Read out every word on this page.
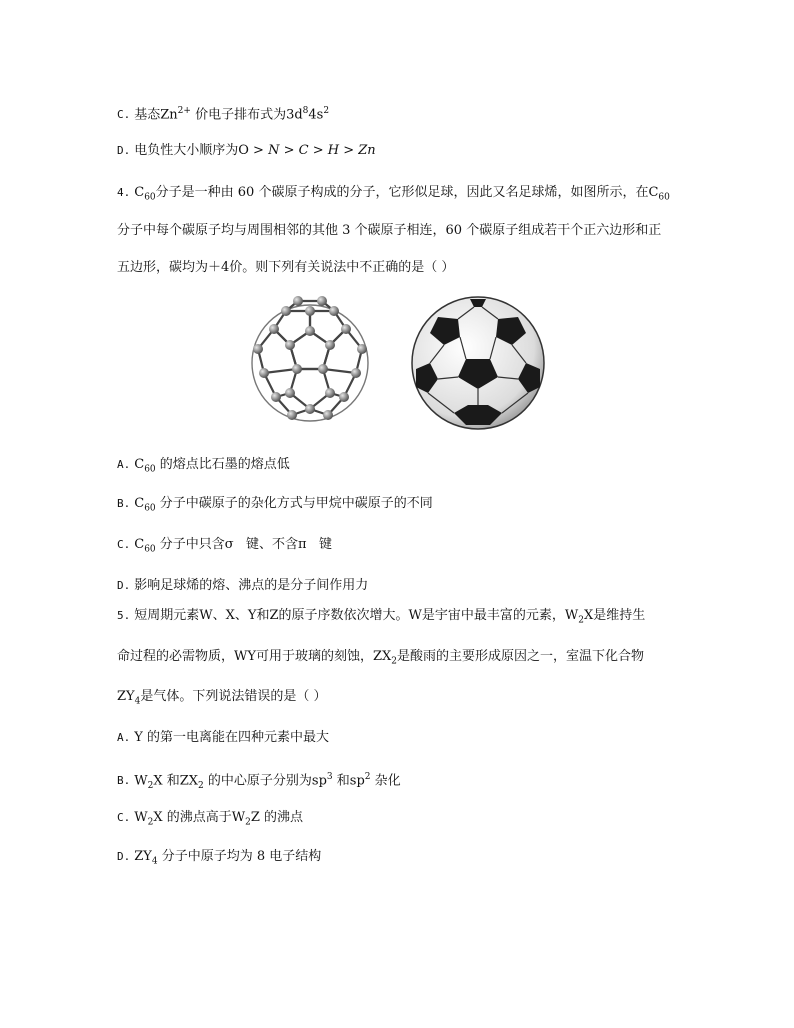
C. 基态$Zn^{2+}$ 价电子排布式为$3d^84s^2$
D. 电负性大小顺序为O > N > C > H > Zn
4. $C_{60}$分子是一种由 60 个碳原子构成的分子，它形似足球，因此又名足球烯，如图所示，在$C_{60}$
分子中每个碳原子均与周围相邻的其他 3 个碳原子相连，60 个碳原子组成若干个正六边形和正
五边形，碳均为＋4价。则下列有关说法中不正确的是（ ）
A. $C_{60}$ 的熔点比石墨的熔点低
B. $C_{60}$ 分子中碳原子的杂化方式与甲烷中碳原子的不同
C. $C_{60}$ 分子中只含σ   键、不含π   键
D. 影响足球烯的熔、沸点的是分子间作用力
5. 短周期元素W、X、Y和Z的原子序数依次增大。W是宇宙中最丰富的元素，$W_2X$是维持生
命过程的必需物质，WY可用于玻璃的刻蚀，$ZX_2$是酸雨的主要形成原因之一，室温下化合物
$ZY_4$是气体。下列说法错误的是（ ）
A. Y 的第一电离能在四种元素中最大
B. $W_2X$ 和$ZX_2$ 的中心原子分别为$sp^3$ 和$sp^2$ 杂化
C. $W_2X$ 的沸点高于$W_2Z$ 的沸点
D. $ZY_4$ 分子中原子均为 8 电子结构
